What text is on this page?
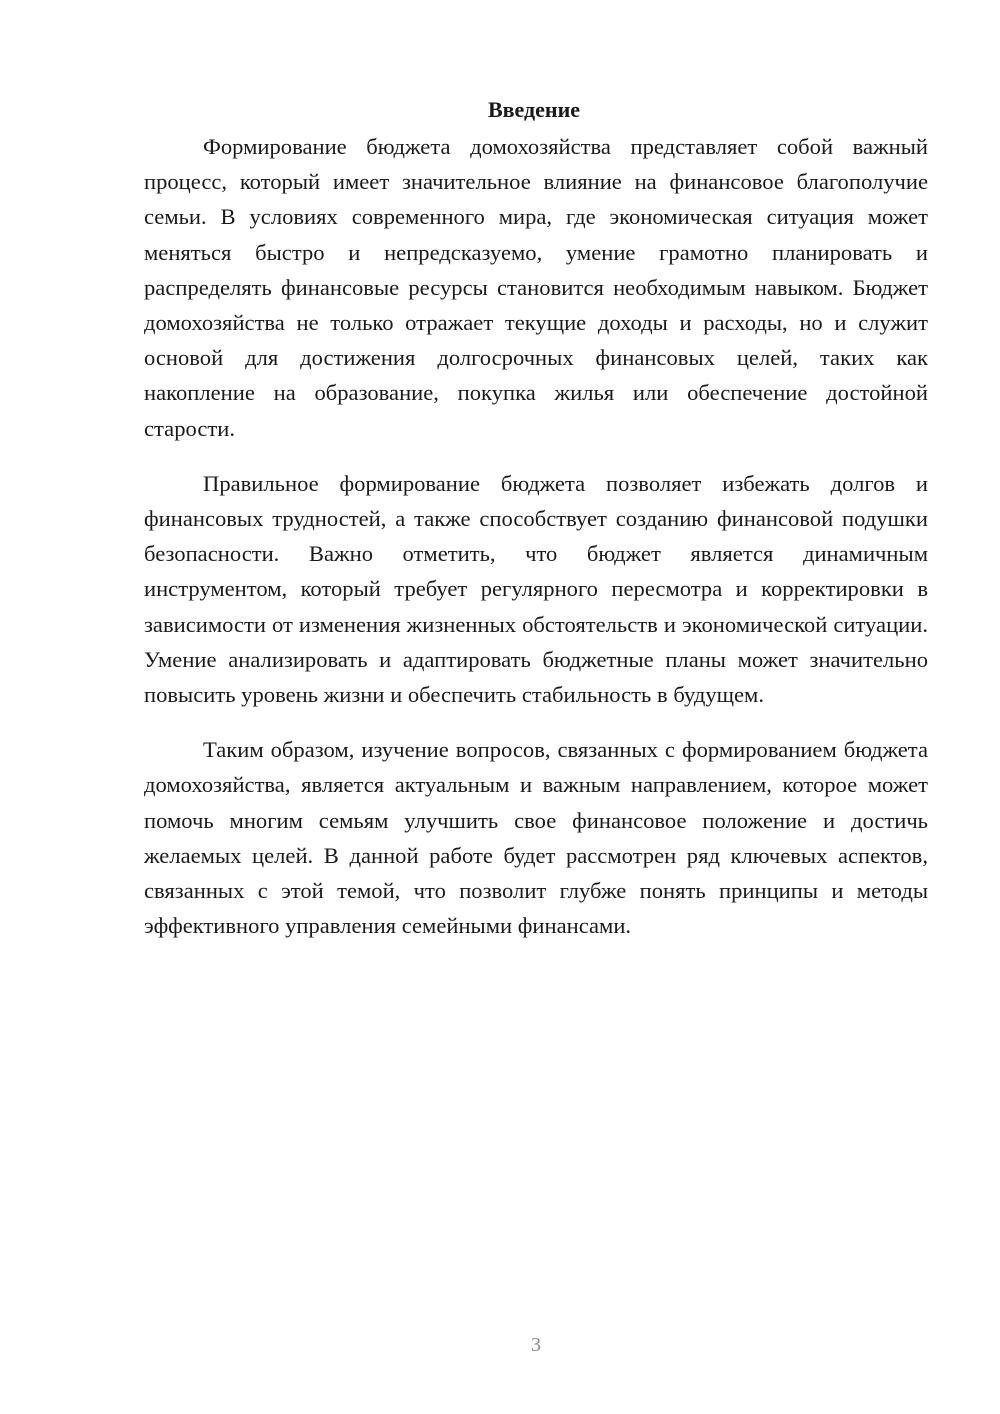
Введение

Формирование бюджета домохозяйства представляет собой важный процесс, который имеет значительное влияние на финансовое благополучие семьи. В условиях современного мира, где экономическая ситуация может меняться быстро и непредсказуемо, умение грамотно планировать и распределять финансовые ресурсы становится необходимым навыком. Бюджет домохозяйства не только отражает текущие доходы и расходы, но и служит основой для достижения долгосрочных финансовых целей, таких как накопление на образование, покупка жилья или обеспечение достойной старости.

Правильное формирование бюджета позволяет избежать долгов и финансовых трудностей, а также способствует созданию финансовой подушки безопасности. Важно отметить, что бюджет является динамичным инструментом, который требует регулярного пересмотра и корректировки в зависимости от изменения жизненных обстоятельств и экономической ситуации. Умение анализировать и адаптировать бюджетные планы может значительно повысить уровень жизни и обеспечить стабильность в будущем.

Таким образом, изучение вопросов, связанных с формированием бюджета домохозяйства, является актуальным и важным направлением, которое может помочь многим семьям улучшить свое финансовое положение и достичь желаемых целей. В данной работе будет рассмотрен ряд ключевых аспектов, связанных с этой темой, что позволит глубже понять принципы и методы эффективного управления семейными финансами.

3
